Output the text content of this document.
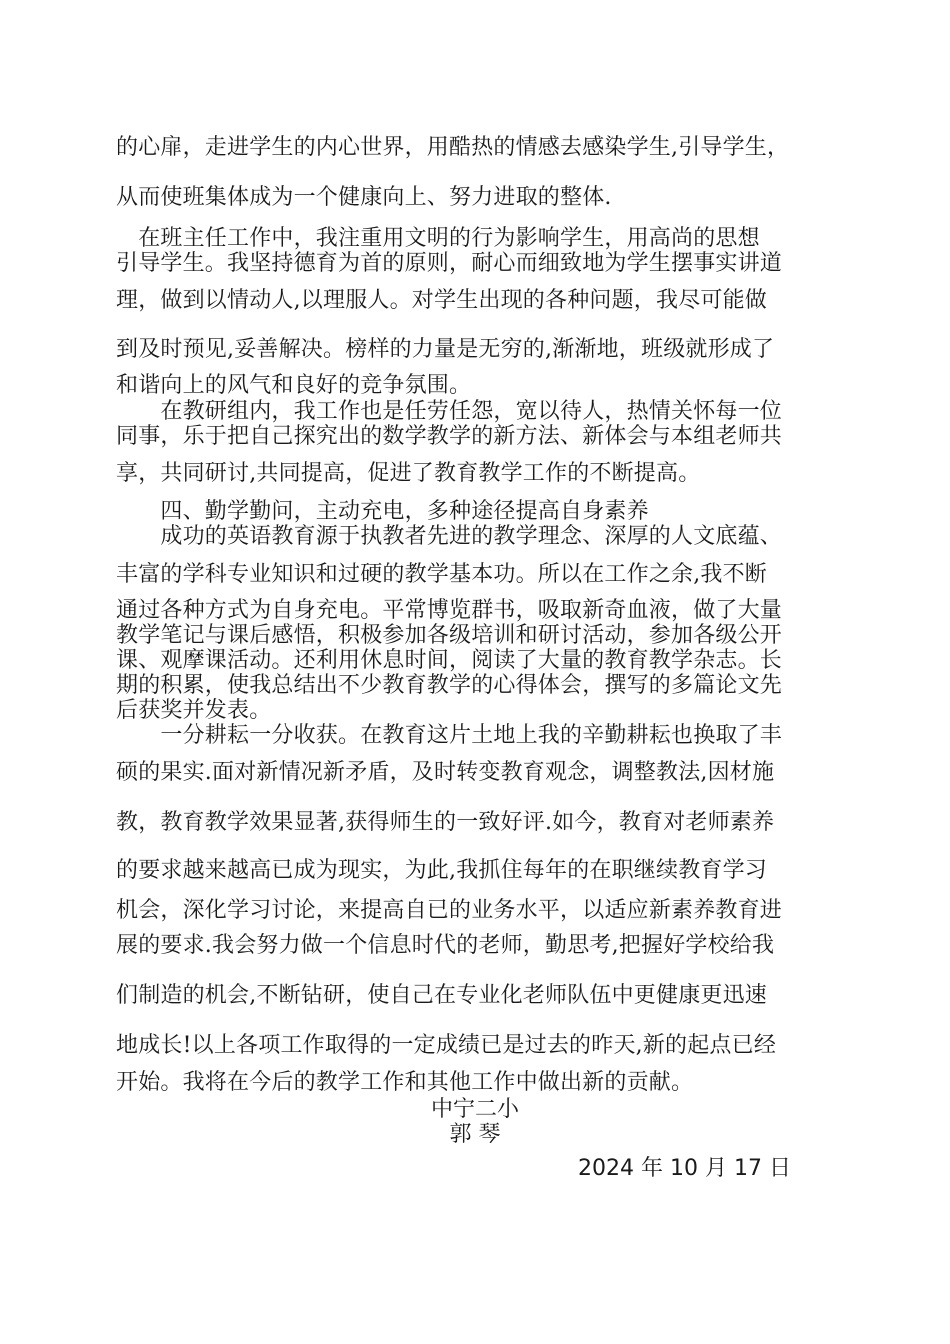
的心扉，走进学生的内心世界，用酷热的情感去感染学生,引导学生，
从而使班集体成为一个健康向上、努力进取的整体.
　在班主任工作中，我注重用文明的行为影响学生，用高尚的思想
引导学生。我坚持德育为首的原则，耐心而细致地为学生摆事实讲道
理，做到以情动人,以理服人。对学生出现的各种问题，我尽可能做
到及时预见,妥善解决。榜样的力量是无穷的,渐渐地，班级就形成了
和谐向上的风气和良好的竞争氛围。
　　在教研组内，我工作也是任劳任怨，宽以待人，热情关怀每一位
同事，乐于把自己探究出的数学教学的新方法、新体会与本组老师共
享，共同研讨,共同提高，促进了教育教学工作的不断提高。
　　四、勤学勤问，主动充电，多种途径提高自身素养
　　成功的英语教育源于执教者先进的教学理念、深厚的人文底蕴、
丰富的学科专业知识和过硬的教学基本功。所以在工作之余,我不断
通过各种方式为自身充电。平常博览群书，吸取新奇血液，做了大量
教学笔记与课后感悟，积极参加各级培训和研讨活动，参加各级公开
课、观摩课活动。还利用休息时间，阅读了大量的教育教学杂志。长
期的积累，使我总结出不少教育教学的心得体会，撰写的多篇论文先
后获奖并发表。
　　一分耕耘一分收获。在教育这片土地上我的辛勤耕耘也换取了丰
硕的果实.面对新情况新矛盾，及时转变教育观念，调整教法,因材施
教，教育教学效果显著,获得师生的一致好评.如今，教育对老师素养
的要求越来越高已成为现实，为此,我抓住每年的在职继续教育学习
机会，深化学习讨论，来提高自已的业务水平，以适应新素养教育进
展的要求.我会努力做一个信息时代的老师，勤思考,把握好学校给我
们制造的机会,不断钻研，使自己在专业化老师队伍中更健康更迅速
地成长!以上各项工作取得的一定成绩已是过去的昨天,新的起点已经
开始。我将在今后的教学工作和其他工作中做出新的贡献。
中宁二小
郭 琴
2024 年 10 月 17 日
